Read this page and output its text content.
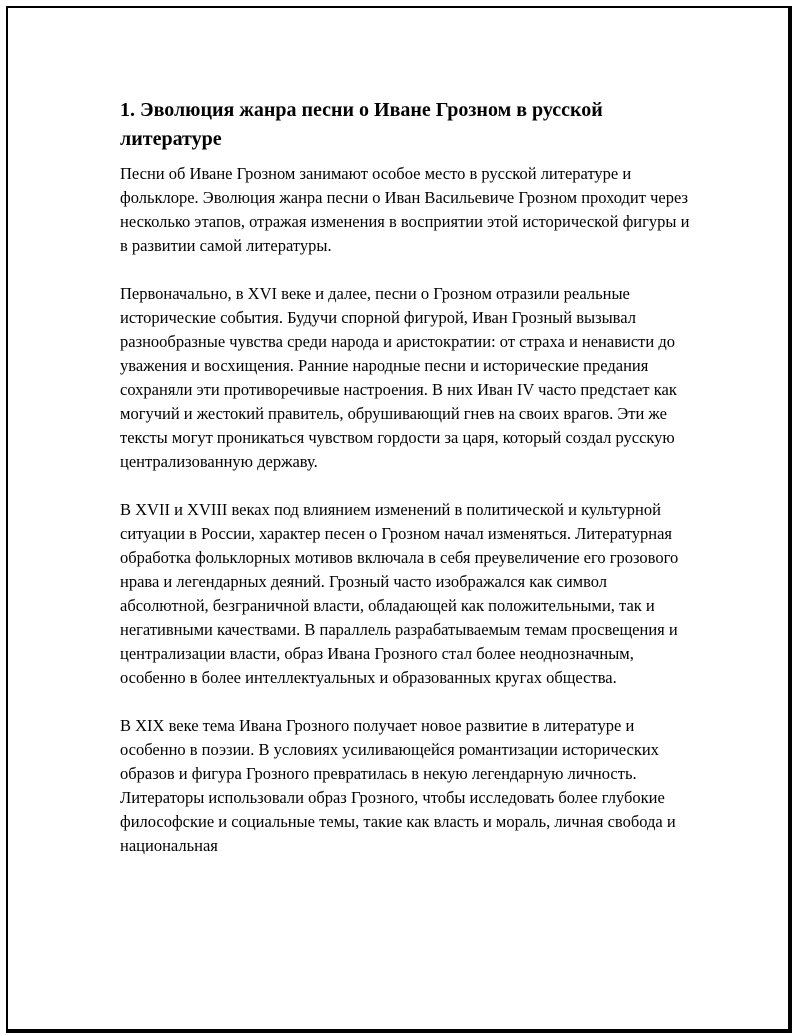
1. Эволюция жанра песни о Иване Грозном в русской литературе

Песни об Иване Грозном занимают особое место в русской литературе и фольклоре. Эволюция жанра песни о Иван Васильевиче Грозном проходит через несколько этапов, отражая изменения в восприятии этой исторической фигуры и в развитии самой литературы.

Первоначально, в XVI веке и далее, песни о Грозном отразили реальные исторические события. Будучи спорной фигурой, Иван Грозный вызывал разнообразные чувства среди народа и аристократии: от страха и ненависти до уважения и восхищения. Ранние народные песни и исторические предания сохраняли эти противоречивые настроения. В них Иван IV часто предстает как могучий и жестокий правитель, обрушивающий гнев на своих врагов. Эти же тексты могут проникаться чувством гордости за царя, который создал русскую централизованную державу.

В XVII и XVIII веках под влиянием изменений в политической и культурной ситуации в России, характер песен о Грозном начал изменяться. Литературная обработка фольклорных мотивов включала в себя преувеличение его грозового нрава и легендарных деяний. Грозный часто изображался как символ абсолютной, безграничной власти, обладающей как положительными, так и негативными качествами. В параллель разрабатываемым темам просвещения и централизации власти, образ Ивана Грозного стал более неоднозначным, особенно в более интеллектуальных и образованных кругах общества.

В XIX веке тема Ивана Грозного получает новое развитие в литературе и особенно в поэзии. В условиях усиливающейся романтизации исторических образов и фигура Грозного превратилась в некую легендарную личность. Литераторы использовали образ Грозного, чтобы исследовать более глубокие философские и социальные темы, такие как власть и мораль, личная свобода и национальная
